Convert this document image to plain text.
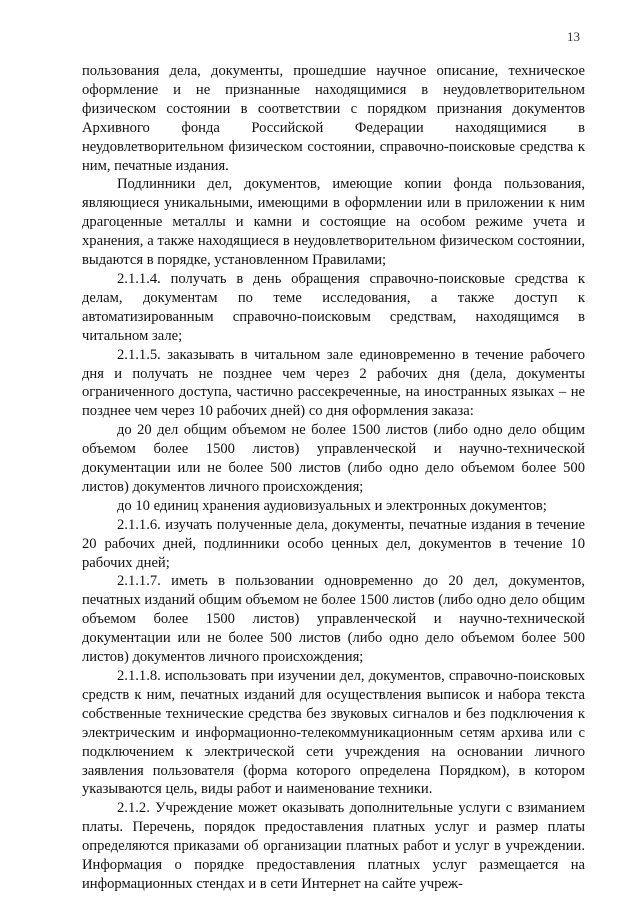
13

пользования дела, документы, прошедшие научное описание, техническое оформление и не признанные находящимися в неудовлетворительном физическом состоянии в соответствии с порядком признания документов Архивного фонда Российской Федерации находящимися в неудовлетворительном физическом состоянии, справочно-поисковые средства к ним, печатные издания.

Подлинники дел, документов, имеющие копии фонда пользования, являющиеся уникальными, имеющими в оформлении или в приложении к ним драгоценные металлы и камни и состоящие на особом режиме учета и хранения, а также находящиеся в неудовлетворительном физическом состоянии, выдаются в порядке, установленном Правилами;

2.1.1.4. получать в день обращения справочно-поисковые средства к делам, документам по теме исследования, а также доступ к автоматизированным справочно-поисковым средствам, находящимся в читальном зале;

2.1.1.5. заказывать в читальном зале единовременно в течение рабочего дня и получать не позднее чем через 2 рабочих дня (дела, документы ограниченного доступа, частично рассекреченные, на иностранных языках – не позднее чем через 10 рабочих дней) со дня оформления заказа:

до 20 дел общим объемом не более 1500 листов (либо одно дело общим объемом более 1500 листов) управленческой и научно-технической документации или не более 500 листов (либо одно дело объемом более 500 листов) документов личного происхождения;

до 10 единиц хранения аудиовизуальных и электронных документов;

2.1.1.6. изучать полученные дела, документы, печатные издания в течение 20 рабочих дней, подлинники особо ценных дел, документов в течение 10 рабочих дней;

2.1.1.7. иметь в пользовании одновременно до 20 дел, документов, печатных изданий общим объемом не более 1500 листов (либо одно дело общим объемом более 1500 листов) управленческой и научно-технической документации или не более 500 листов (либо одно дело объемом более 500 листов) документов личного происхождения;

2.1.1.8. использовать при изучении дел, документов, справочно-поисковых средств к ним, печатных изданий для осуществления выписок и набора текста собственные технические средства без звуковых сигналов и без подключения к электрическим и информационно-телекоммуникационным сетям архива или с подключением к электрической сети учреждения на основании личного заявления пользователя (форма которого определена Порядком), в котором указываются цель, виды работ и наименование техники.

2.1.2. Учреждение может оказывать дополнительные услуги с взиманием платы. Перечень, порядок предоставления платных услуг и размер платы определяются приказами об организации платных работ и услуг в учреждении. Информация о порядке предоставления платных услуг размещается на информационных стендах и в сети Интернет на сайте учреж-
